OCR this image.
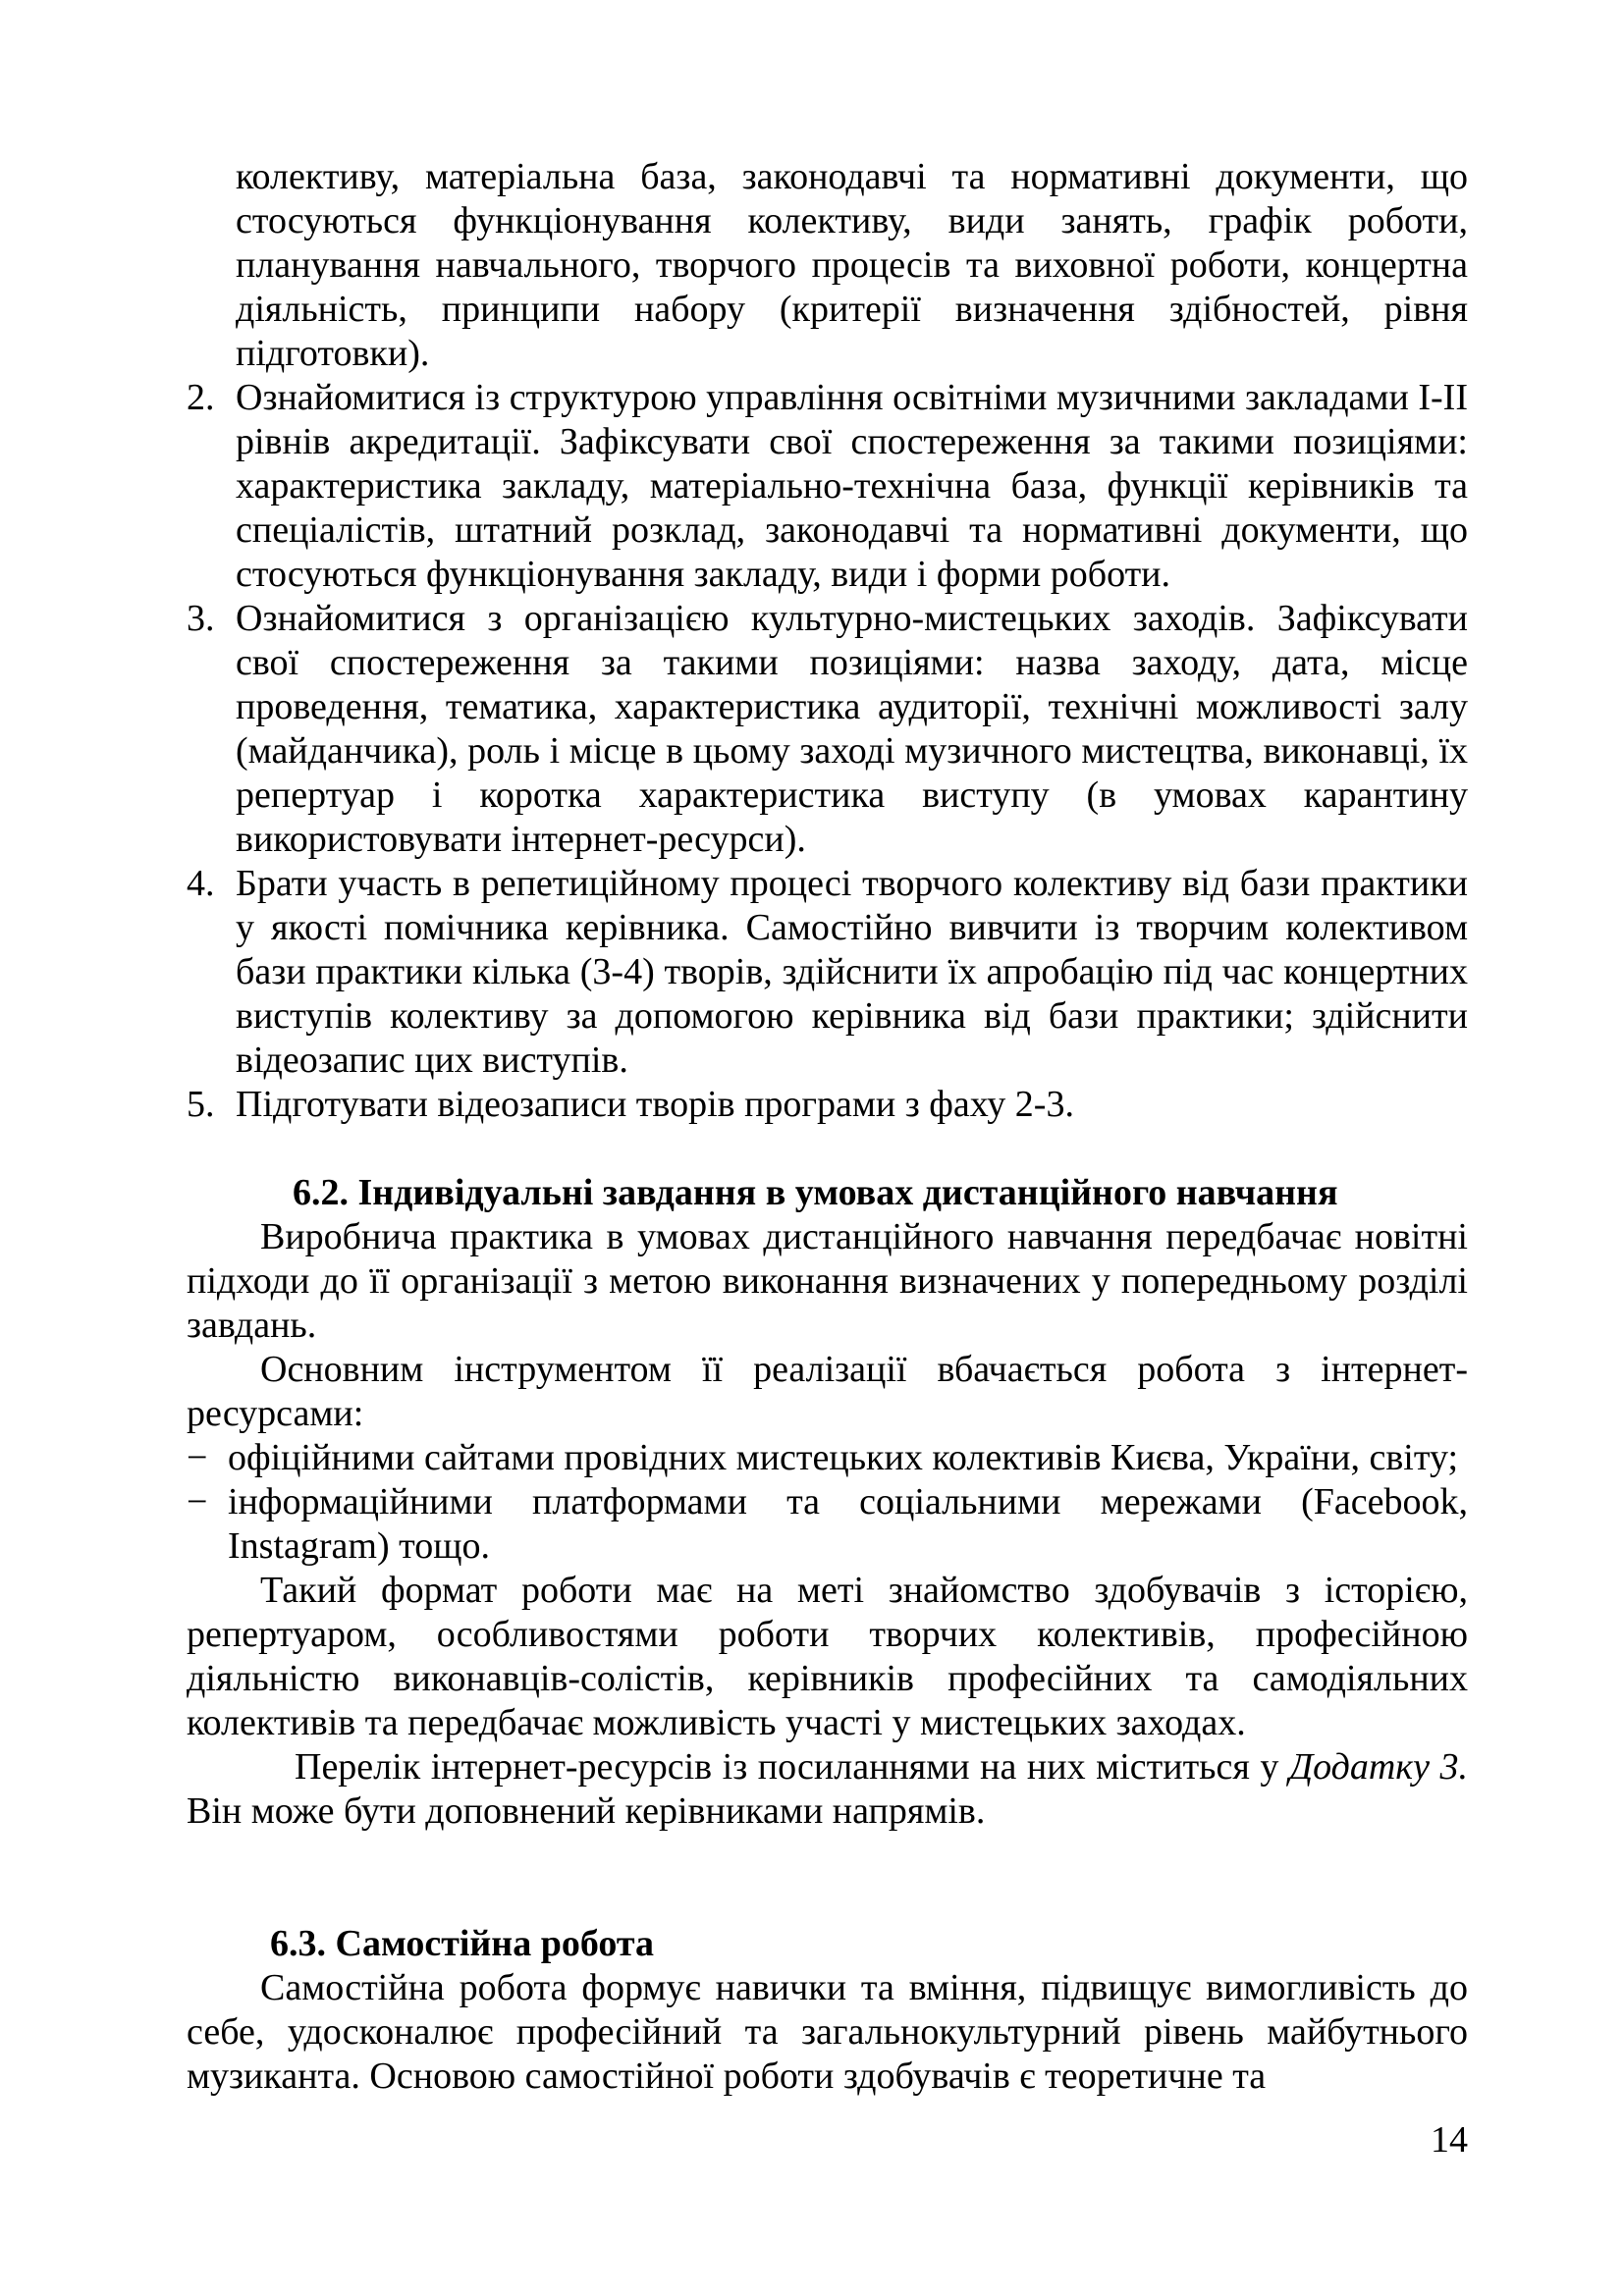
колективу, матеріальна база, законодавчі та нормативні документи, що стосуються функціонування колективу, види занять, графік роботи, планування навчального, творчого процесів та виховної роботи, концертна діяльність, принципи набору (критерії визначення здібностей, рівня підготовки).

2. Ознайомитися із структурою управління освітніми музичними закладами І-ІІ рівнів акредитації. Зафіксувати свої спостереження за такими позиціями: характеристика закладу, матеріально-технічна база, функції керівників та спеціалістів, штатний розклад, законодавчі та нормативні документи, що стосуються функціонування закладу, види і форми роботи.

3. Ознайомитися з організацією культурно-мистецьких заходів. Зафіксувати свої спостереження за такими позиціями: назва заходу, дата, місце проведення, тематика, характеристика аудиторії, технічні можливості залу (майданчика), роль і місце в цьому заході музичного мистецтва, виконавці, їх репертуар і коротка характеристика виступу (в умовах карантину використовувати інтернет-ресурси).

4. Брати участь в репетиційному процесі творчого колективу від бази практики у якості помічника керівника. Самостійно вивчити із творчим колективом бази практики кілька (3-4) творів, здійснити їх апробацію під час концертних виступів колективу за допомогою керівника від бази практики; здійснити відеозапис цих виступів.

5. Підготувати відеозаписи творів програми з фаху 2-3.

6.2. Індивідуальні завдання в умовах дистанційного навчання

Виробнича практика в умовах дистанційного навчання передбачає новітні підходи до її організації з метою виконання визначених у попередньому розділі завдань.

Основним інструментом її реалізації вбачається робота з інтернет-ресурсами:

− офіційними сайтами провідних мистецьких колективів Києва, України, світу;

− інформаційними платформами та соціальними мережами (Facebook, Instagram) тощо.

Такий формат роботи має на меті знайомство здобувачів з історією, репертуаром, особливостями роботи творчих колективів, професійною діяльністю виконавців-солістів, керівників професійних та самодіяльних колективів та передбачає можливість участі у мистецьких заходах.

Перелік інтернет-ресурсів із посиланнями на них міститься у Додатку 3. Він може бути доповнений керівниками напрямів.

6.3. Самостійна робота

Самостійна робота формує навички та вміння, підвищує вимогливість до себе, удосконалює професійний та загальнокультурний рівень майбутнього музиканта. Основою самостійної роботи здобувачів є теоретичне та

14
